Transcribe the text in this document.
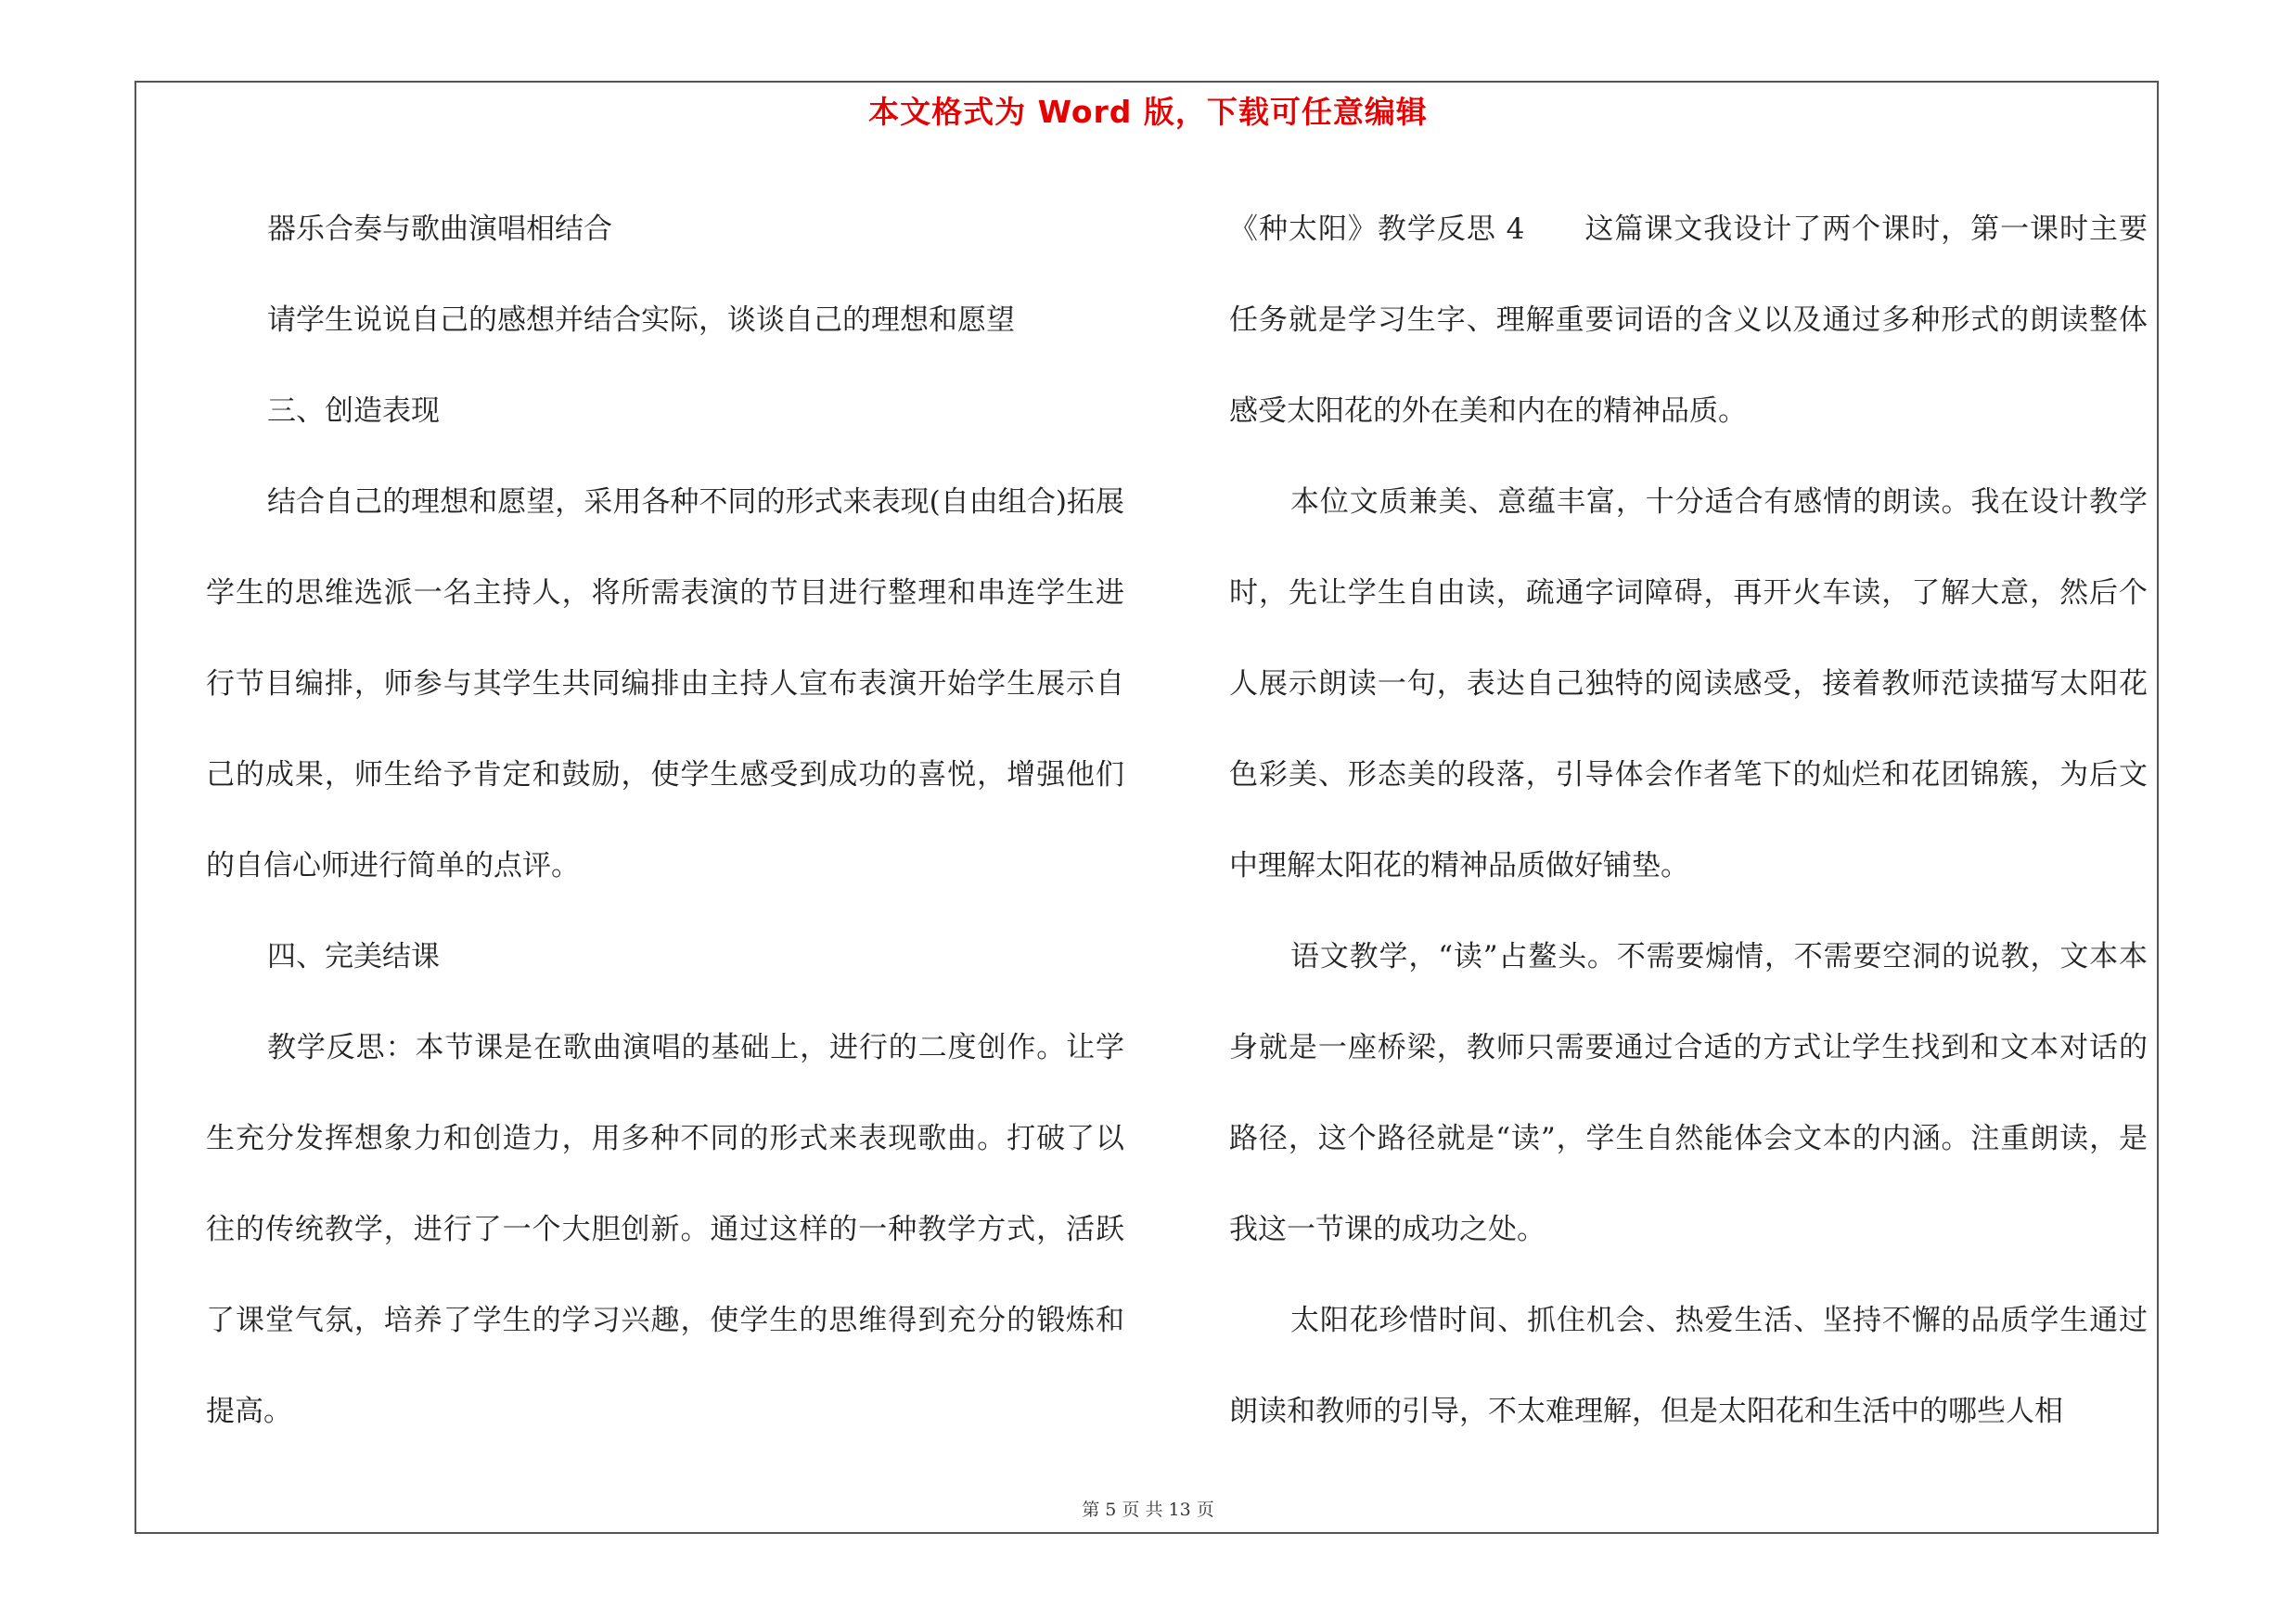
本文格式为 Word 版，下载可任意编辑

器乐合奏与歌曲演唱相结合

请学生说说自己的感想并结合实际，谈谈自己的理想和愿望

三、创造表现

结合自己的理想和愿望，采用各种不同的形式来表现(自由组合)拓展学生的思维选派一名主持人，将所需表演的节目进行整理和串连学生进行节目编排，师参与其学生共同编排由主持人宣布表演开始学生展示自己的成果，师生给予肯定和鼓励，使学生感受到成功的喜悦，增强他们的自信心师进行简单的点评。

四、完美结课

教学反思：本节课是在歌曲演唱的基础上，进行的二度创作。让学生充分发挥想象力和创造力，用多种不同的形式来表现歌曲。打破了以往的传统教学，进行了一个大胆创新。通过这样的一种教学方式，活跃了课堂气氛，培养了学生的学习兴趣，使学生的思维得到充分的锻炼和提高。

《种太阳》教学反思 4　　这篇课文我设计了两个课时，第一课时主要任务就是学习生字、理解重要词语的含义以及通过多种形式的朗读整体感受太阳花的外在美和内在的精神品质。

本位文质兼美、意蕴丰富，十分适合有感情的朗读。我在设计教学时，先让学生自由读，疏通字词障碍，再开火车读，了解大意，然后个人展示朗读一句，表达自己独特的阅读感受，接着教师范读描写太阳花色彩美、形态美的段落，引导体会作者笔下的灿烂和花团锦簇，为后文中理解太阳花的精神品质做好铺垫。

语文教学，“读”占鳌头。不需要煽情，不需要空洞的说教，文本本身就是一座桥梁，教师只需要通过合适的方式让学生找到和文本对话的路径，这个路径就是“读”，学生自然能体会文本的内涵。注重朗读，是我这一节课的成功之处。

太阳花珍惜时间、抓住机会、热爱生活、坚持不懈的品质学生通过朗读和教师的引导，不太难理解，但是太阳花和生活中的哪些人相

第 5 页 共 13 页
